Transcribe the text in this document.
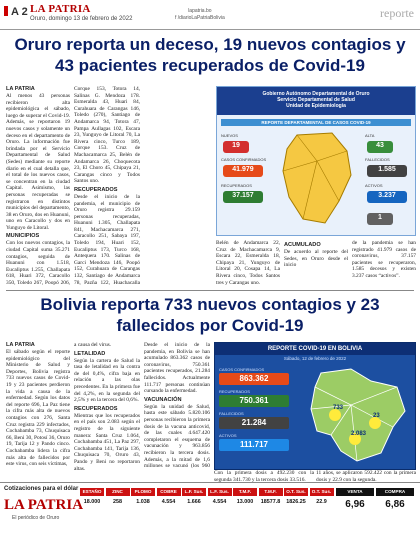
A 2 LA PATRIA
Oruro, domingo 13 de febrero de 2022
lapatria.bo
f /diarioLaPatriaBolivia	reporte
Oruro reporta un deceso, 19 nuevos contagios y 43 pacientes recuperados de Covid-19
LA PATRIA
Al menos 43 personas recibieron alta epidemiológica el sábado, luego de superar el Covid-19. Además, se reportaron 19 nuevos casos y solamente un deceso en el departamento de Oruro. La información fue brindada por el Servicio Departamental de Salud (Sedes) mediante su reporte diario en el cual detalla que, el total de los nuevos casos, se concentran en la ciudad Capital. Asimismo, las personas recuperadas se registraron en distintos municipios del departamento, 38 en Oruro, dos en Huanuni, uno en Caracollo y dos en Yunguyo de Litoral.
MUNICIPIOS
Con los nuevos contagios, la ciudad Capital suma 35.271 contagios, seguida de Huanuni con 1.518, Eucaliptus 1.255, Challapata 618, Huari 372, Caracollo 350, Toledo 267, Poopó 206,
Corque 153, Totora 14, Salinas G. Mendoza 178. Esmeralda 43, Huari 84, Curahuara de Carangas 146, Toledo (270), Santiago de Andamarca 94, Totora 47, Pampa Aullagas 102, Escara 23, Yunguyo de Litoral 70, La Rivera cinco, Turco 189, Corque 153. Cruz de Machacamarca 25, Belén de Andamarca 26, Choquecota 23, El Choro 45, Chipaya 21, Carangas cinco y Todos Santos uno.
RECUPERADOS
Desde el inicio de la pandemia, el municipio de Oruro registra 29.159 personas recuperadas, Huanuni 1.305, Challapata 841, Machacamarca 271, Caracollo 251, Sabaya 197, Toledo 194, Huari 152, Eucaliptus 173, Turco 168, Antequera 170. Salinas de Garci Mendoza 146, Poopó 152, Curahuara de Carangas 132, Santiago de Andamarca 78, Pazña 122, Huachacalla
Gobierno Autónomo Departamental de Oruro
Servicio Departamental de Salud
Unidad de Epidemiología
REPORTE DEPARTAMENTAL DE CASOS COVID-19
NUEVOS
19
CASOS CONFIRMADOS
41.979
RECUPERADOS
37.157
ALTA
43
FALLECIDOS
1.585
ACTIVOS
3.237
1
Belén de Andamarca 22, Cruz de Machacamarca 9, Escara 22, Esmeralda 18, Chipaya 21, Yunguyo de Litoral 20, Cosapa 14, La Rivera cinco, Todos Santos tres y Carangas uno.
ACUMULADO
De acuerdo al reporte del Sedes, en Oruro desde el inicio
de la pandemia se han registrado 41.979 casos de coronavirus, 37.157 pacientes se recuperaron, 1.585 decesos y existen 3.237 casos “activos”.
Bolivia reporta 733 nuevos contagios y 23 fallecidos por Covid-19
LA PATRIA
El sábado según el reporte epidemiológico del Ministerio de Salud y Deportes, Bolivia registra 733 nuevos casos de Covid-19 y 23 pacientes perdieron la vida a causa de la enfermedad. Según los datos del reporte 696, La Paz tiene la cifra más alta de nuevos contagios con 276, Santa Cruz registra 229 infectados, Cochabamba 73, Chuquisaca 66, Beni 30, Potosí 36, Oruro 19, Tarija 12 y Pando cinco. Cochabamba lidera la cifra más alta de fallecidos por este virus, con seis víctimas,
a causa del virus.
LETALIDAD
Según la cartera de Salud la tasa de letalidad en la contra de del 0,4%, cifra baja en relación a las olas precedentes. En la primera fue del 4,2%, en la segunda del 2,5% y en la tercera del 0,6%.
RECUPERADOS
Mientras que los recuperados en el país son 2.083 según el registro de la siguiente manera: Santa Cruz 1.064, Cochabamba 451, La Paz 297, Cochabamba 141, Tarija 136, Chuquisaca 70, Oruro 43, Pando y Beni no reportaron altas.
Desde el inicio de la pandemia, en Bolivia se han acumulado 863.362 casos de coronavirus, 750.361 pacientes recuperados, 21.284 fallecidos. Actualmente 111.717 personas continúan cursando la enfermedad.
VACUNACIÓN
Según la unidad de Salud, hasta este sábado 5.820.106 personas recibieron la primera dosis de la vacuna anticovid, de las cuales 4.647.420 completaron el esquema de vacunación y 963.856 recibieron la tercera dosis. Además, a la mitad de 1,6 millones se vacunó (los 960
REPORTE COVID-19 EN BOLIVIA
Sábado, 12 de febrero de 2022
CASOS CONFIRMADOS
863.362
RECUPERADOS
750.361
FALLECIDOS
21.284
ACTIVOS
111.717
733
23
2.083
Con la primera dosis a 492.230 con la segunda 341.730 y la tercera dosis 33.516.
11 años, se aplicaron 592.422 con la primera dosis y 22.9 con la segunda.
Cotizaciones para el dólar
LA PATRIA
El periódico de Oruro
ESTAÑO
18.000
ZINC
258
PLOMO
1.038
COBRE
4.554
L.F. Sus.
1.666
L.F. Sus.
4.554
T.M.F.
13.000
T.M.F.
18577.8
O.T. Sus.
1826.25
O.T. Sus.
22.9
VENTA
6,96
COMPRA
6,86
